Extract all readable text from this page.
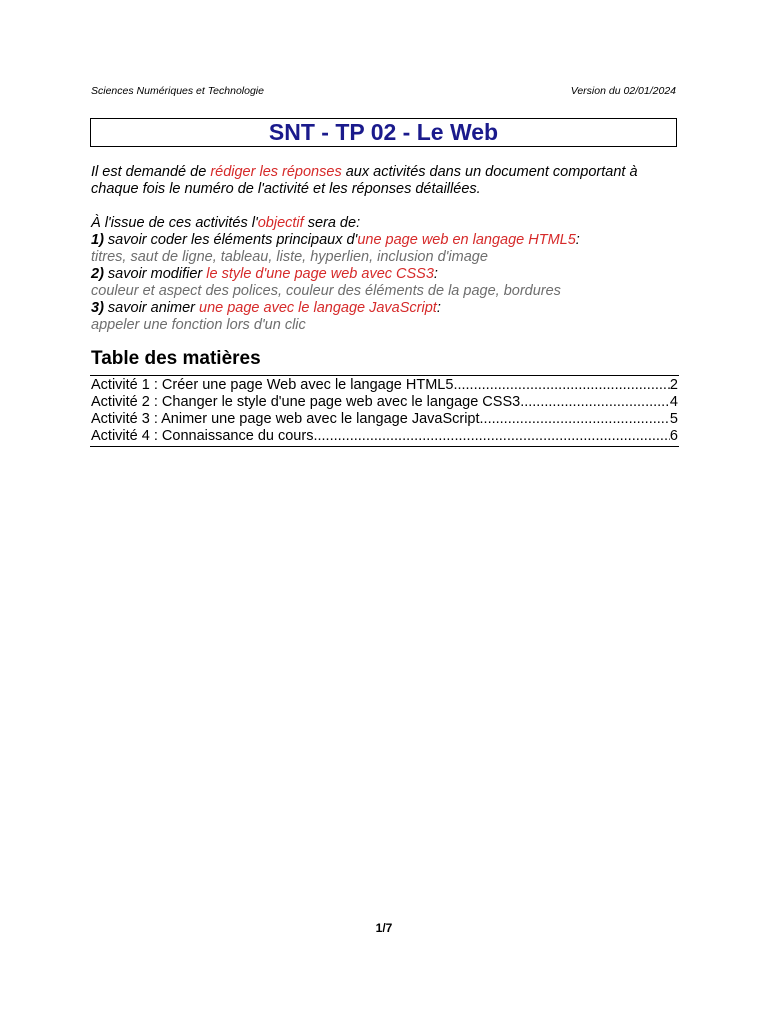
Sciences Numériques et Technologie	Version du 02/01/2024
SNT - TP 02 - Le Web
Il est demandé de rédiger les réponses aux activités dans un document comportant à chaque fois le numéro de l'activité et les réponses détaillées.
À l'issue de ces activités l'objectif sera de:
1) savoir coder les éléments principaux d'une page web en langage HTML5:
titres, saut de ligne, tableau, liste, hyperlien, inclusion d'image
2) savoir modifier le style d'une page web avec CSS3:
couleur et aspect des polices, couleur des éléments de la page, bordures
3) savoir animer une page avec le langage JavaScript:
appeler une fonction lors d'un clic
Table des matières
Activité 1 : Créer une page Web avec le langage HTML5 .....	2
Activité 2 : Changer le style d'une page web avec le langage CSS3 .....	4
Activité 3 : Animer une page web avec le langage JavaScript .....	5
Activité 4 : Connaissance du cours .....	6
1/7
